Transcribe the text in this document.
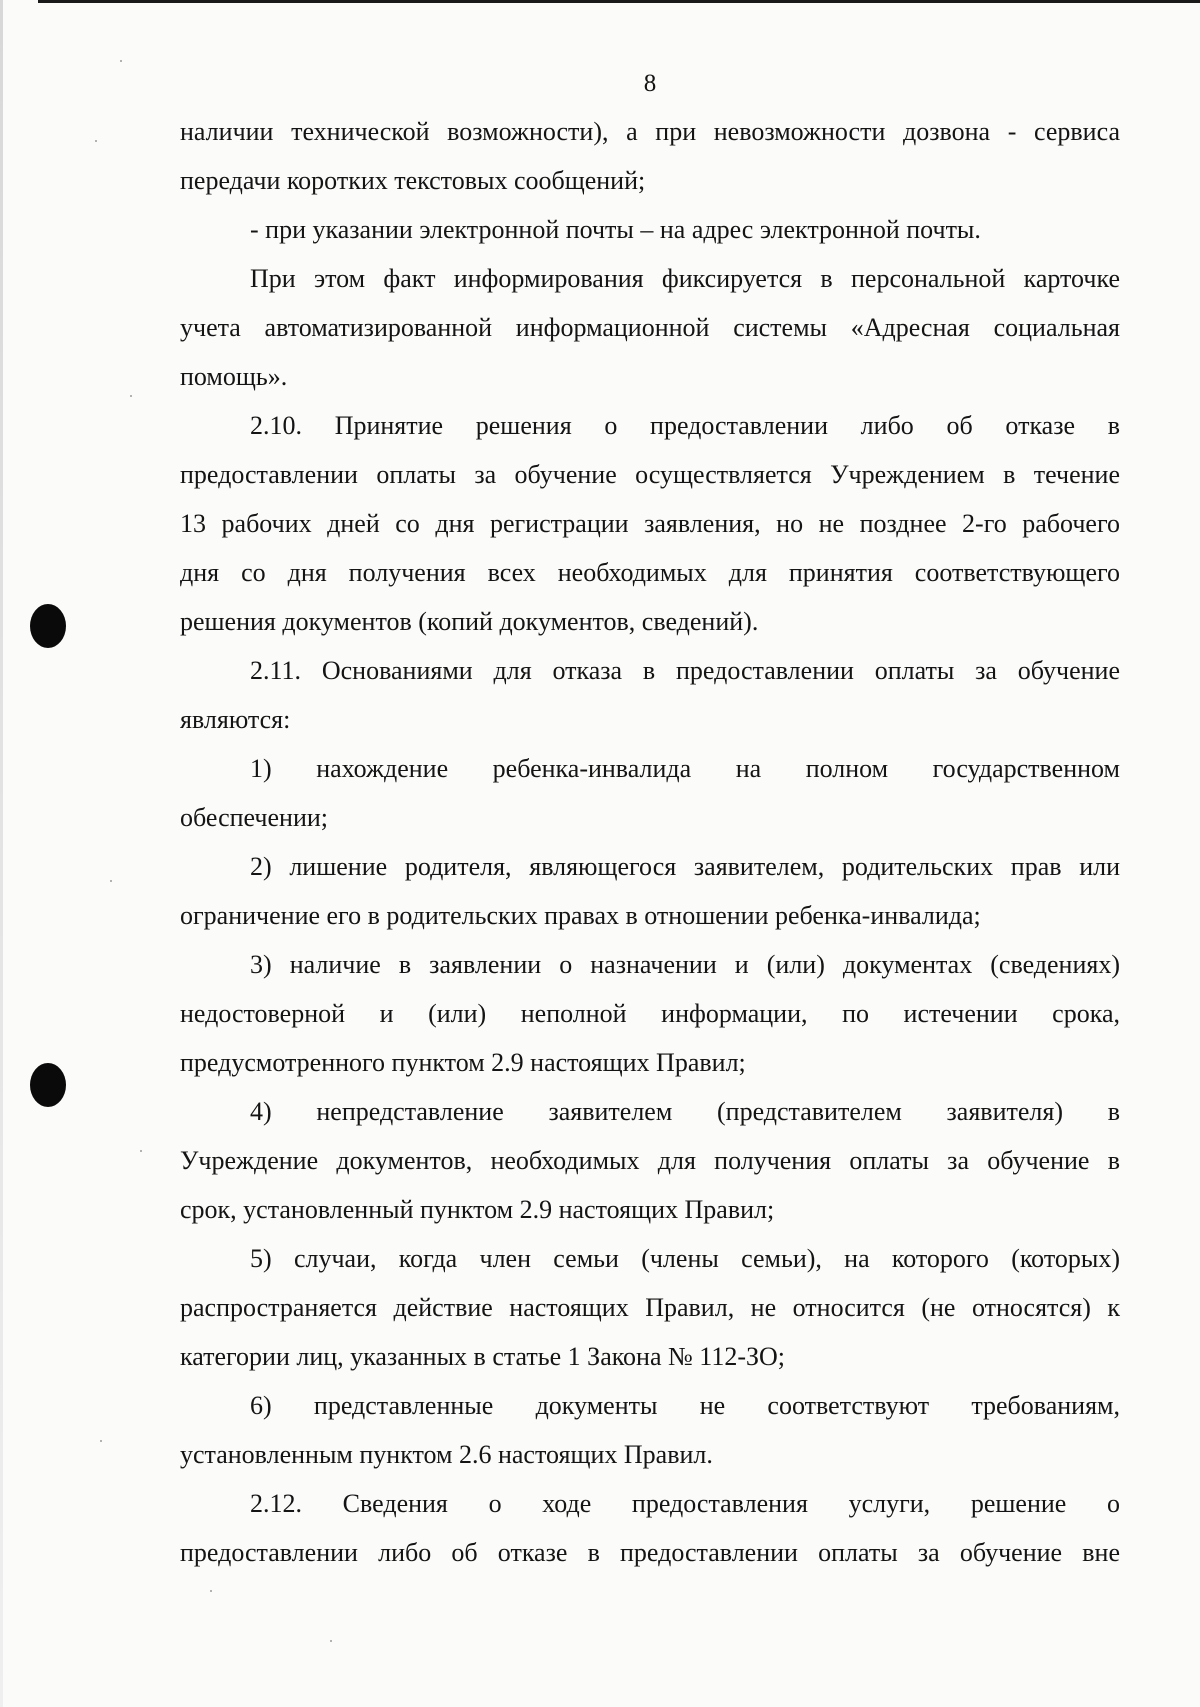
8
наличии технической возможности), а при невозможности дозвона - сервиса
передачи коротких текстовых сообщений;
- при указании электронной почты – на адрес электронной почты.
При этом факт информирования фиксируется в персональной карточке
учета автоматизированной информационной системы «Адресная социальная
помощь».
2.10. Принятие решения о предоставлении либо об отказе в
предоставлении оплаты за обучение осуществляется Учреждением в течение
13 рабочих дней со дня регистрации заявления, но не позднее 2-го рабочего
дня со дня получения всех необходимых для принятия соответствующего
решения документов (копий документов, сведений).
2.11. Основаниями для отказа в предоставлении оплаты за обучение
являются:
1) нахождение ребенка-инвалида на полном государственном
обеспечении;
2) лишение родителя, являющегося заявителем, родительских прав или
ограничение его в родительских правах в отношении ребенка-инвалида;
3) наличие в заявлении о назначении и (или) документах (сведениях)
недостоверной и (или) неполной информации, по истечении срока,
предусмотренного пунктом 2.9 настоящих Правил;
4) непредставление заявителем (представителем заявителя) в
Учреждение документов, необходимых для получения оплаты за обучение в
срок, установленный пунктом 2.9 настоящих Правил;
5) случаи, когда член семьи (члены семьи), на которого (которых)
распространяется действие настоящих Правил, не относится (не относятся) к
категории лиц, указанных в статье 1 Закона № 112-ЗО;
6) представленные документы не соответствуют требованиям,
установленным пунктом 2.6 настоящих Правил.
2.12. Сведения о ходе предоставления услуги, решение о
предоставлении либо об отказе в предоставлении оплаты за обучение вне
